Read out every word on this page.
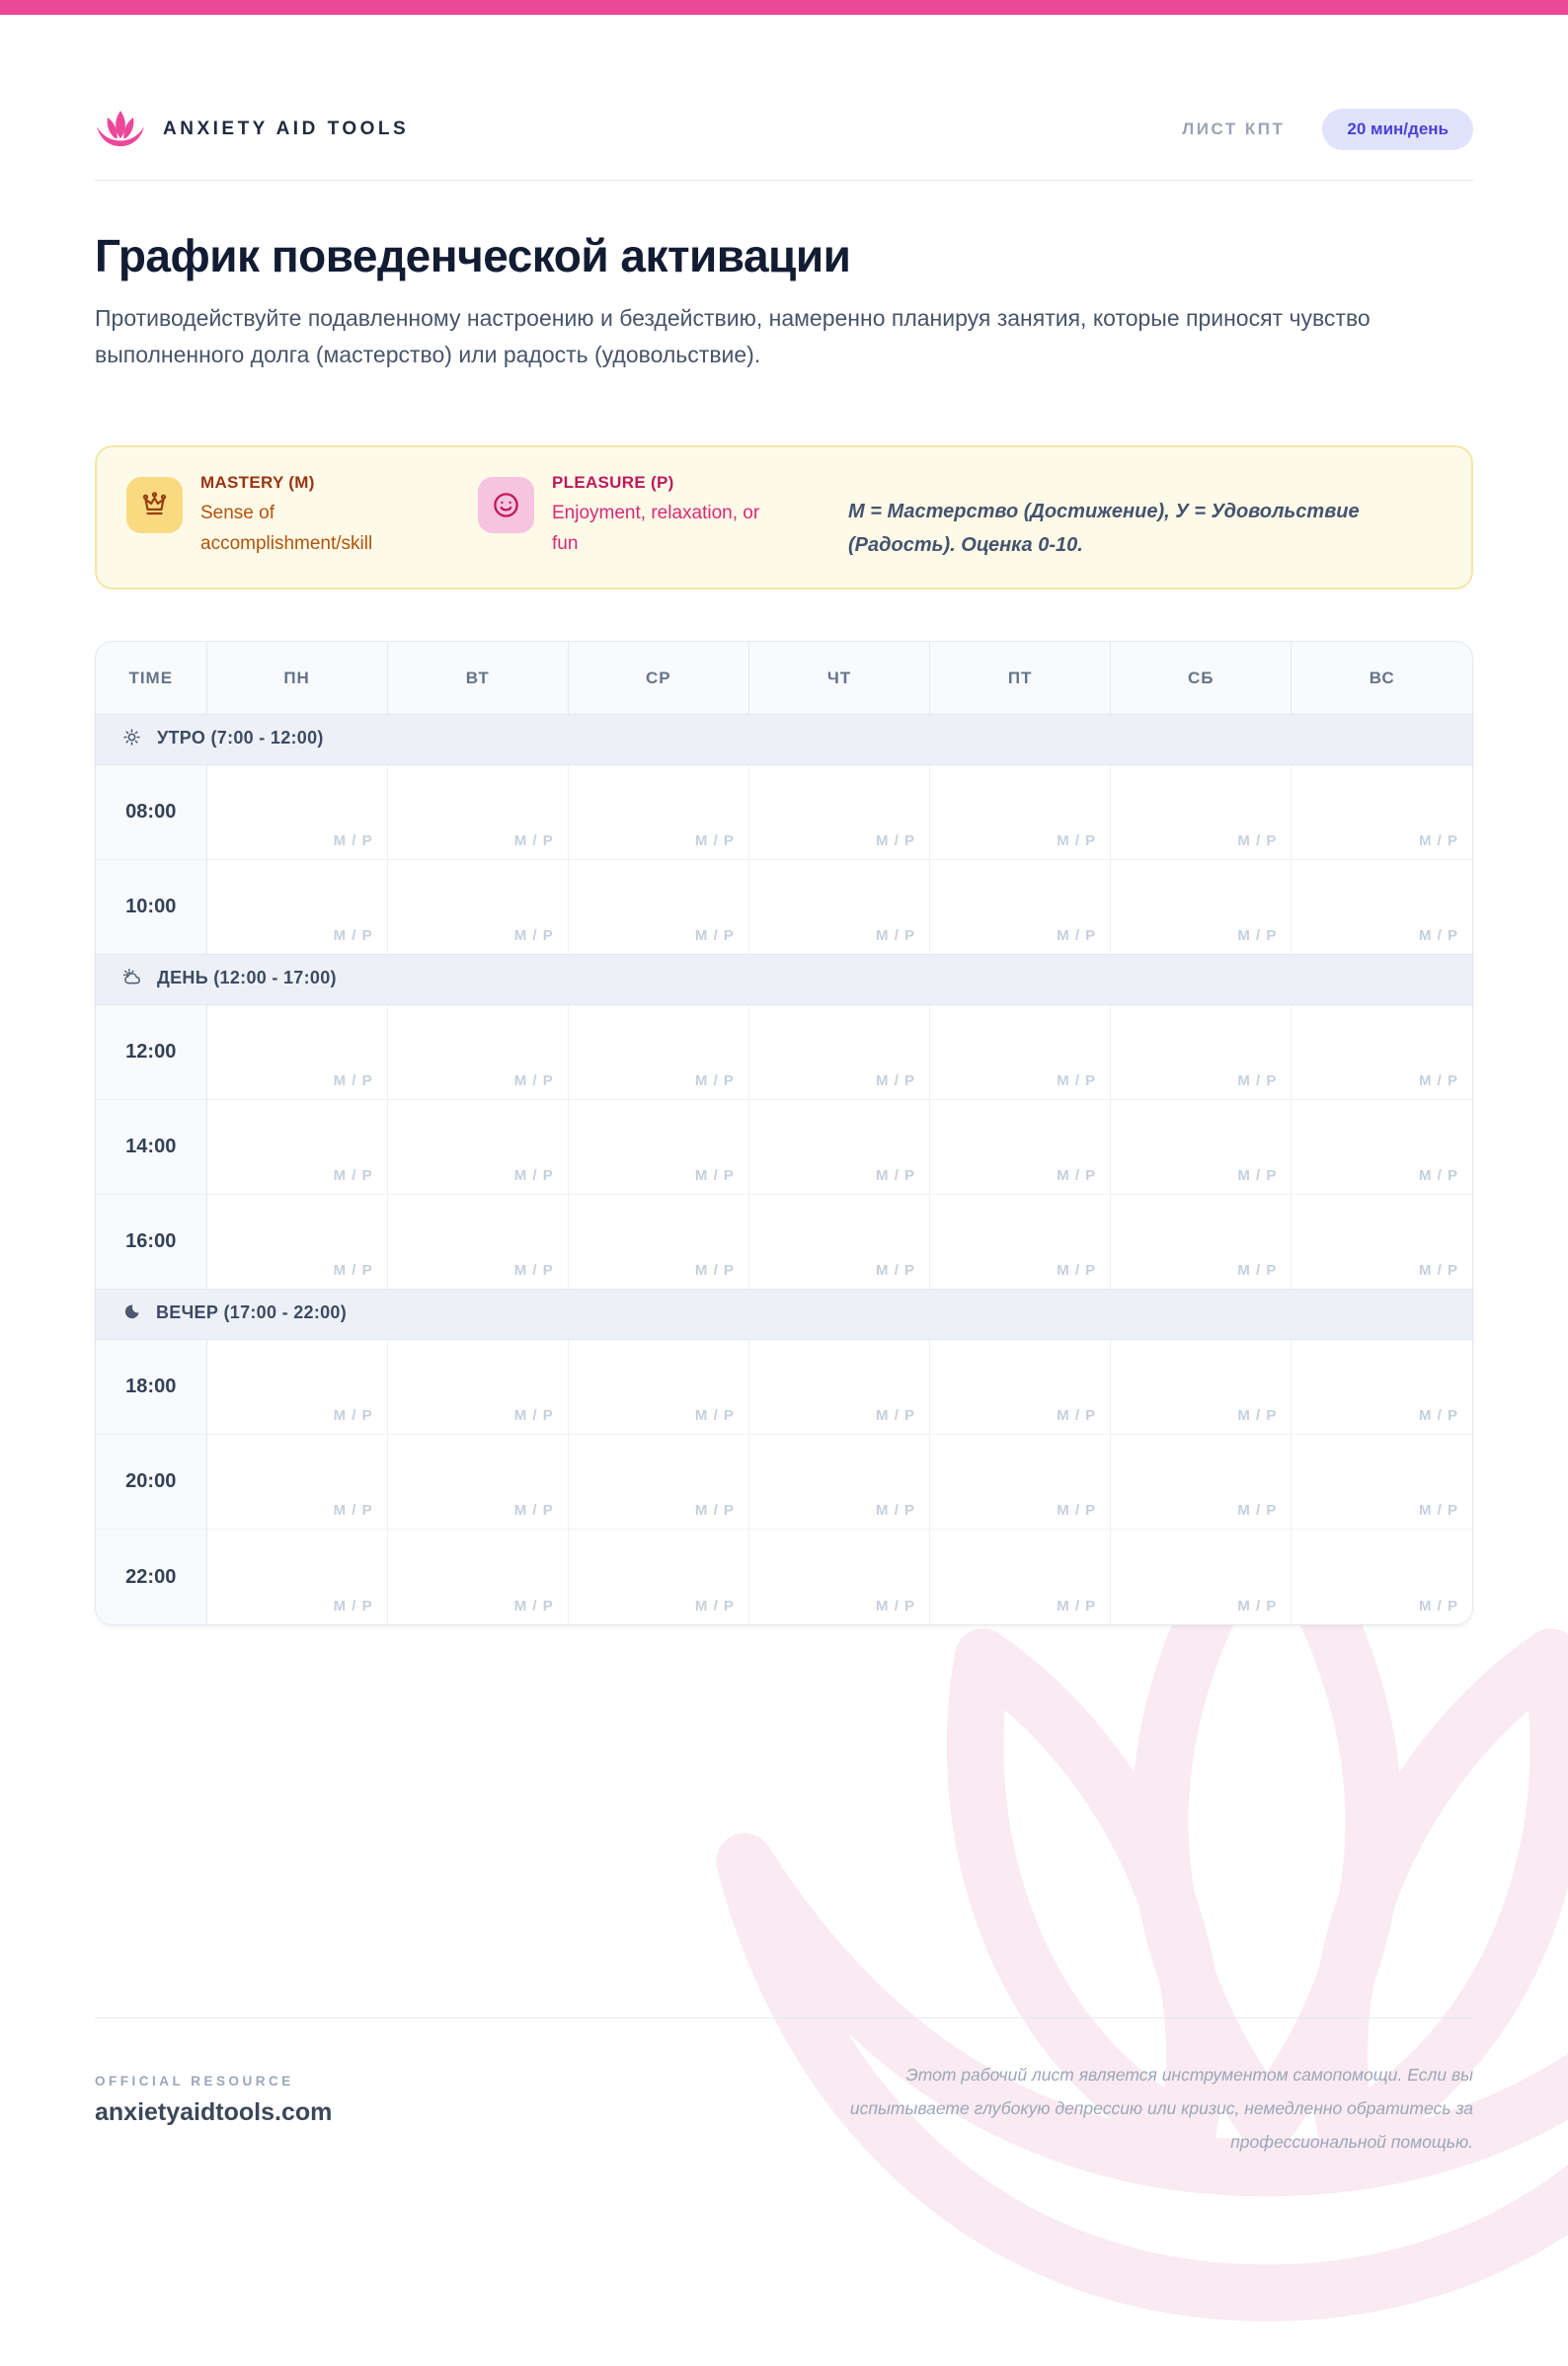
ANXIETY AID TOOLS	ЛИСТ КПТ	20 мин/день
График поведенческой активации

Противодействуйте подавленному настроению и бездействию, намеренно планируя занятия, которые приносят чувство выполненного долга (мастерство) или радость (удовольствие).

MASTERY (M)
Sense of accomplishment/skill
PLEASURE (P)
Enjoyment, relaxation, or fun
М = Мастерство (Достижение), У = Удовольствие (Радость). Оценка 0-10.
TIME	ПН	ВТ	СР	ЧТ	ПТ	СБ	ВС
УТРО (7:00 - 12:00)							
08:00	M / P	M / P	M / P	M / P	M / P	M / P	M / P

10:00	M / P	M / P	M / P	M / P	M / P	M / P	M / P

ДЕНЬ (12:00 - 17:00)							
12:00	M / P	M / P	M / P	M / P	M / P	M / P	M / P

14:00	M / P	M / P	M / P	M / P	M / P	M / P	M / P

16:00	M / P	M / P	M / P	M / P	M / P	M / P	M / P

ВЕЧЕР (17:00 - 22:00)							
18:00	M / P	M / P	M / P	M / P	M / P	M / P	M / P

20:00	M / P	M / P	M / P	M / P	M / P	M / P	M / P

22:00	M / P	M / P	M / P	M / P	M / P	M / P	M / P
OFFICIAL RESOURCE
anxietyaidtools.com
Этот рабочий лист является инструментом самопомощи. Если вы испытываете глубокую депрессию или кризис, немедленно обратитесь за профессиональной помощью.
